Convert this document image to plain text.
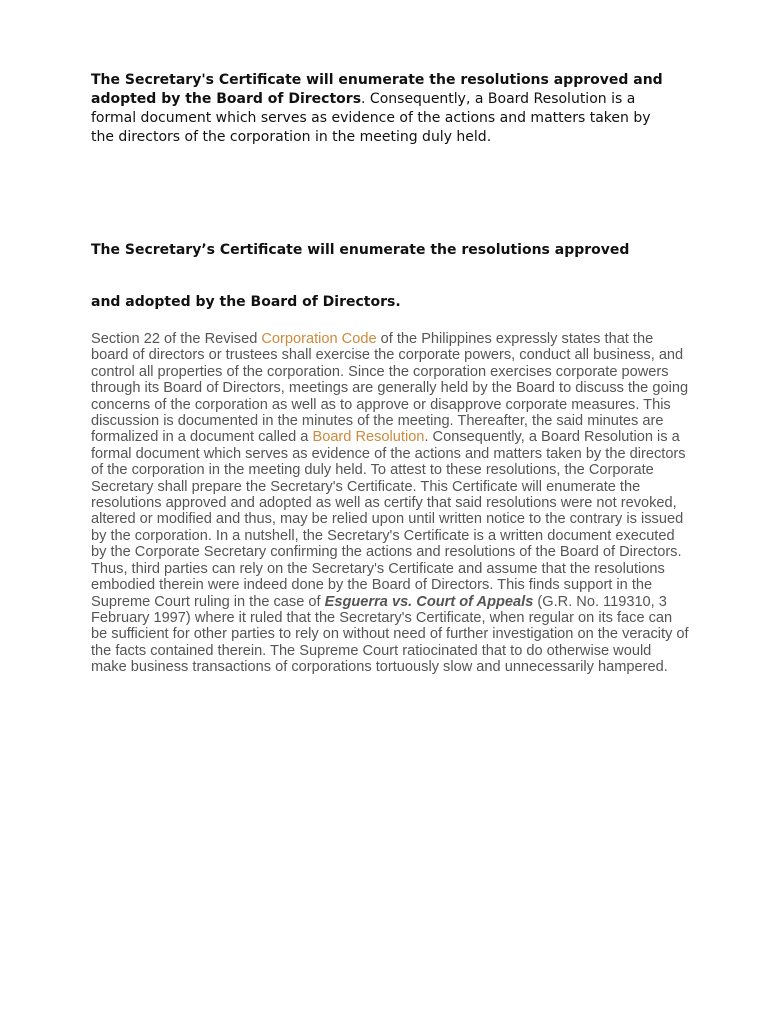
The Secretary's Certificate will enumerate the resolutions approved and adopted by the Board of Directors. Consequently, a Board Resolution is a formal document which serves as evidence of the actions and matters taken by the directors of the corporation in the meeting duly held.

The Secretary’s Certificate will enumerate the resolutions approved

and adopted by the Board of Directors.

Section 22 of the Revised Corporation Code of the Philippines expressly states that the board of directors or trustees shall exercise the corporate powers, conduct all business, and control all properties of the corporation. Since the corporation exercises corporate powers through its Board of Directors, meetings are generally held by the Board to discuss the going concerns of the corporation as well as to approve or disapprove corporate measures. This discussion is documented in the minutes of the meeting. Thereafter, the said minutes are formalized in a document called a Board Resolution. Consequently, a Board Resolution is a formal document which serves as evidence of the actions and matters taken by the directors of the corporation in the meeting duly held. To attest to these resolutions, the Corporate Secretary shall prepare the Secretary's Certificate. This Certificate will enumerate the resolutions approved and adopted as well as certify that said resolutions were not revoked, altered or modified and thus, may be relied upon until written notice to the contrary is issued by the corporation. In a nutshell, the Secretary's Certificate is a written document executed by the Corporate Secretary confirming the actions and resolutions of the Board of Directors. Thus, third parties can rely on the Secretary's Certificate and assume that the resolutions embodied therein were indeed done by the Board of Directors. This finds support in the Supreme Court ruling in the case of Esguerra vs. Court of Appeals (G.R. No. 119310, 3 February 1997) where it ruled that the Secretary's Certificate, when regular on its face can be sufficient for other parties to rely on without need of further investigation on the veracity of the facts contained therein. The Supreme Court ratiocinated that to do otherwise would make business transactions of corporations tortuously slow and unnecessarily hampered.
